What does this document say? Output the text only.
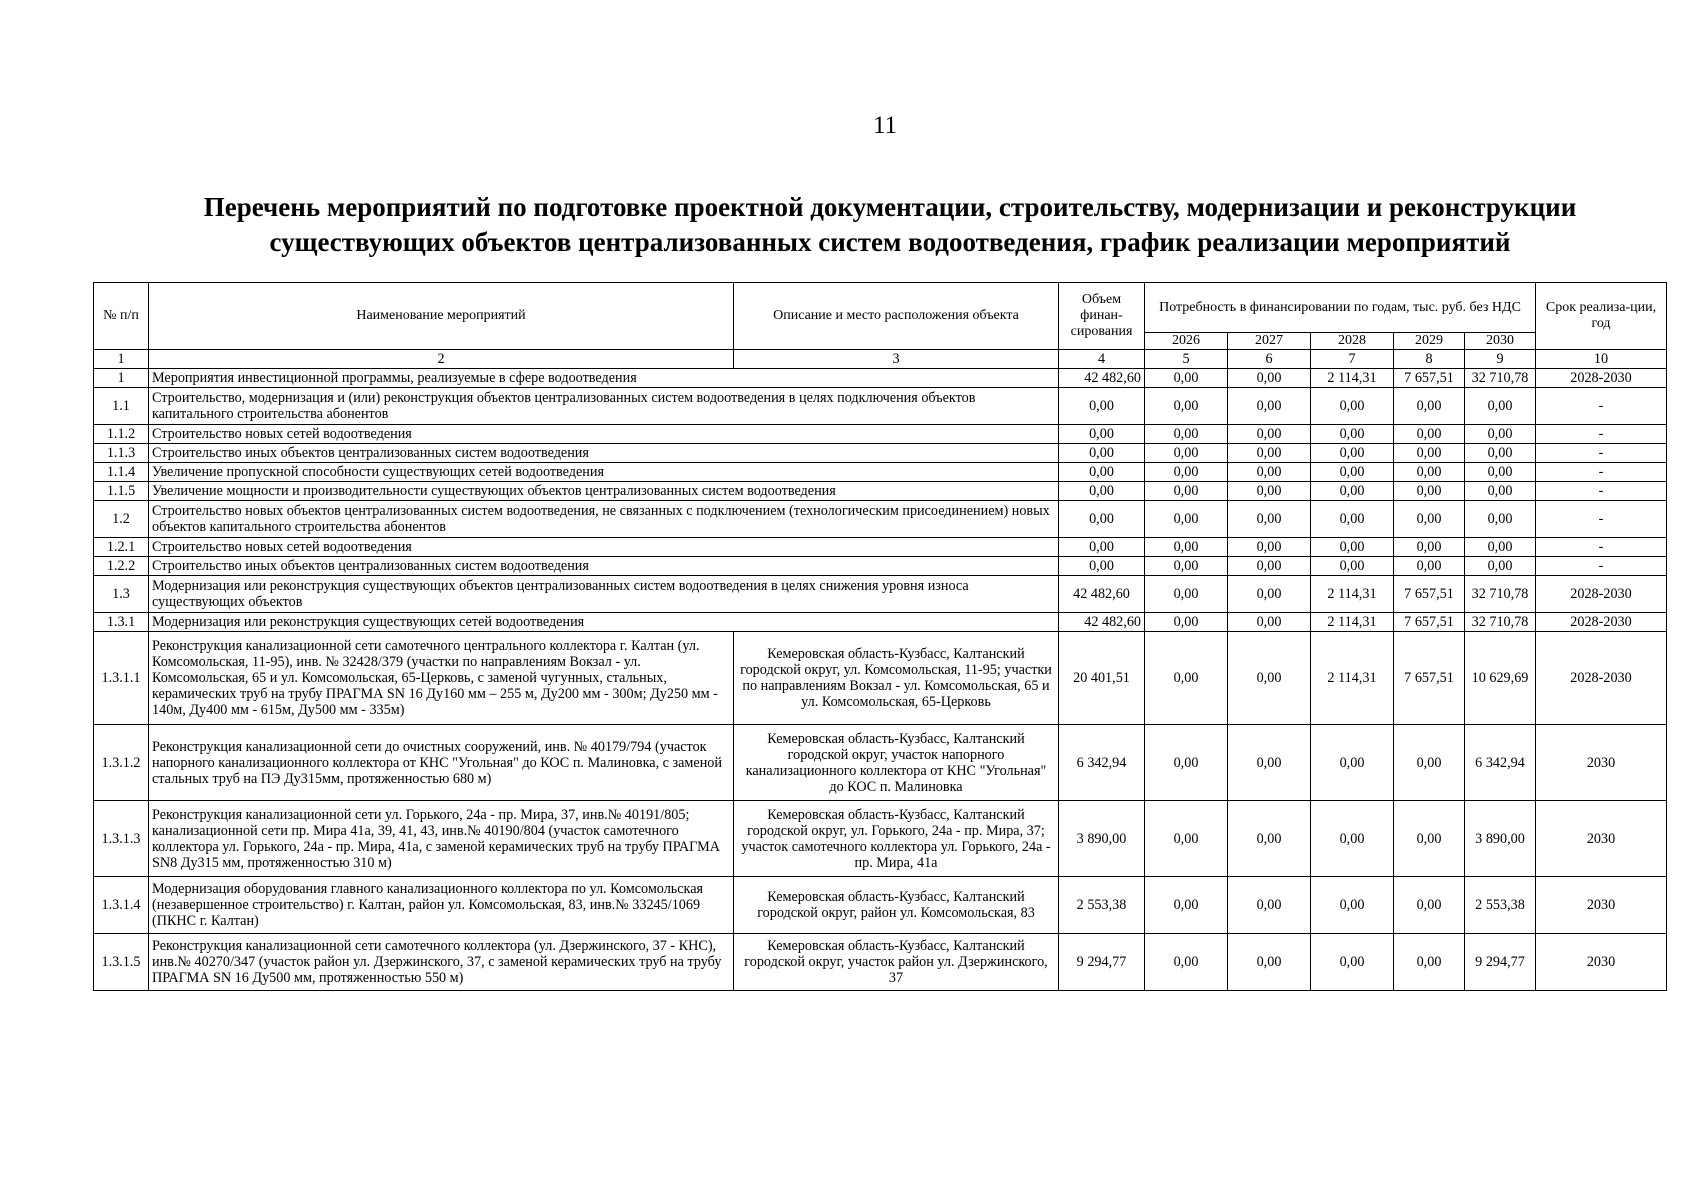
11
Перечень мероприятий по подготовке проектной документации, строительству, модернизации и реконструкции
существующих объектов централизованных систем водоотведения, график реализации мероприятий
№ п/п	Наименование мероприятий	Описание и место расположения объекта	Объем финан-сирования	Потребность в финансировании по годам, тыс. руб. без НДС					Срок реализа-ции, год
				2026	2027	2028	2029	2030	
1	2	3	4	5	6	7	8	9	10
1	Мероприятия инвестиционной программы, реализуемые в сфере водоотведения		42 482,60	0,00	0,00	2 114,31	7 657,51	32 710,78	2028-2030
1.1	Строительство, модернизация и (или) реконструкция объектов централизованных систем водоотведения в целях подключения объектов капитального строительства абонентов		0,00	0,00	0,00	0,00	0,00	0,00	-
1.1.2	Строительство новых сетей водоотведения		0,00	0,00	0,00	0,00	0,00	0,00	-
1.1.3	Строительство иных объектов централизованных систем водоотведения		0,00	0,00	0,00	0,00	0,00	0,00	-
1.1.4	Увеличение пропускной способности существующих сетей водоотведения		0,00	0,00	0,00	0,00	0,00	0,00	-
1.1.5	Увеличение мощности и производительности существующих объектов централизованных систем водоотведения		0,00	0,00	0,00	0,00	0,00	0,00	-
1.2	Строительство новых объектов централизованных систем водоотведения, не связанных с подключением (технологическим присоединением) новых объектов капитального строительства абонентов		0,00	0,00	0,00	0,00	0,00	0,00	-
1.2.1	Строительство новых сетей водоотведения		0,00	0,00	0,00	0,00	0,00	0,00	-
1.2.2	Строительство иных объектов централизованных систем водоотведения		0,00	0,00	0,00	0,00	0,00	0,00	-
1.3	Модернизация или реконструкция существующих объектов централизованных систем водоотведения в целях снижения уровня износа существующих объектов		42 482,60	0,00	0,00	2 114,31	7 657,51	32 710,78	2028-2030
1.3.1	Модернизация или реконструкция существующих сетей водоотведения		42 482,60	0,00	0,00	2 114,31	7 657,51	32 710,78	2028-2030
1.3.1.1	Реконструкция канализационной сети самотечного центрального коллектора г. Калтан (ул. Комсомольская, 11-95), инв. № 32428/379 (участки по направлениям Вокзал - ул. Комсомольская, 65 и ул. Комсомольская, 65-Церковь, с заменой чугунных, стальных, керамических труб на трубу ПРАГМА SN 16 Ду160 мм – 255 м, Ду200 мм - 300м; Ду250 мм - 140м, Ду400 мм - 615м, Ду500 мм - 335м)	Кемеровская область-Кузбасс, Калтанский городской округ, ул. Комсомольская, 11-95; участки по направлениям Вокзал - ул. Комсомольская, 65 и ул. Комсомольская, 65-Церковь	20 401,51	0,00	0,00	2 114,31	7 657,51	10 629,69	2028-2030
1.3.1.2	Реконструкция канализационной сети до очистных сооружений, инв. № 40179/794 (участок напорного канализационного коллектора от КНС "Угольная" до КОС п. Малиновка, с заменой стальных труб на ПЭ Ду315мм, протяженностью 680 м)	Кемеровская область-Кузбасс, Калтанский городской округ, участок напорного канализационного коллектора от КНС "Угольная" до КОС п. Малиновка	6 342,94	0,00	0,00	0,00	0,00	6 342,94	2030
1.3.1.3	Реконструкция канализационной сети ул. Горького, 24а - пр. Мира, 37, инв.№ 40191/805; канализационной сети пр. Мира 41а, 39, 41, 43, инв.№ 40190/804 (участок самотечного коллектора ул. Горького, 24а - пр. Мира, 41а, с заменой керамических труб на трубу ПРАГМА SN8 Ду315 мм, протяженностью 310 м)	Кемеровская область-Кузбасс, Калтанский городской округ, ул. Горького, 24а - пр. Мира, 37; участок самотечного коллектора ул. Горького, 24а - пр. Мира, 41а	3 890,00	0,00	0,00	0,00	0,00	3 890,00	2030
1.3.1.4	Модернизация оборудования главного канализационного коллектора по ул. Комсомольская (незавершенное строительство) г. Калтан, район ул. Комсомольская, 83, инв.№ 33245/1069 (ПКНС г. Калтан)	Кемеровская область-Кузбасс, Калтанский городской округ, район ул. Комсомольская, 83	2 553,38	0,00	0,00	0,00	0,00	2 553,38	2030
1.3.1.5	Реконструкция канализационной сети самотечного коллектора (ул. Дзержинского, 37 - КНС), инв.№ 40270/347 (участок район ул. Дзержинского, 37, с заменой керамических труб на трубу ПРАГМА SN 16 Ду500 мм, протяженностью 550 м)	Кемеровская область-Кузбасс, Калтанский городской округ, участок район ул. Дзержинского, 37	9 294,77	0,00	0,00	0,00	0,00	9 294,77	2030
